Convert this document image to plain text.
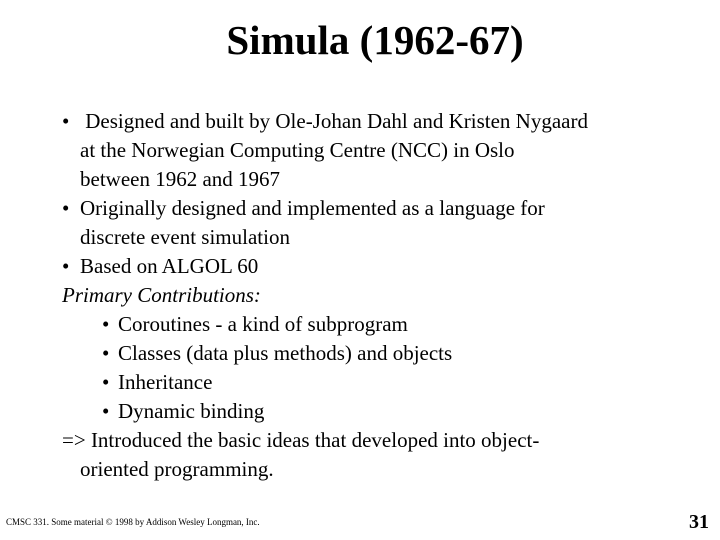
Simula (1962-67)
• Designed and built by Ole-Johan Dahl and Kristen Nygaard
at the Norwegian Computing Centre (NCC) in Oslo
between 1962 and 1967
• Originally designed and implemented as a language for
discrete event simulation
• Based on ALGOL 60
Primary Contributions:
• Coroutines - a kind of subprogram
• Classes (data plus methods) and objects
• Inheritance
• Dynamic binding
=> Introduced the basic ideas that developed into object-
oriented programming.
CMSC 331. Some material © 1998 by Addison Wesley Longman, Inc.	31
